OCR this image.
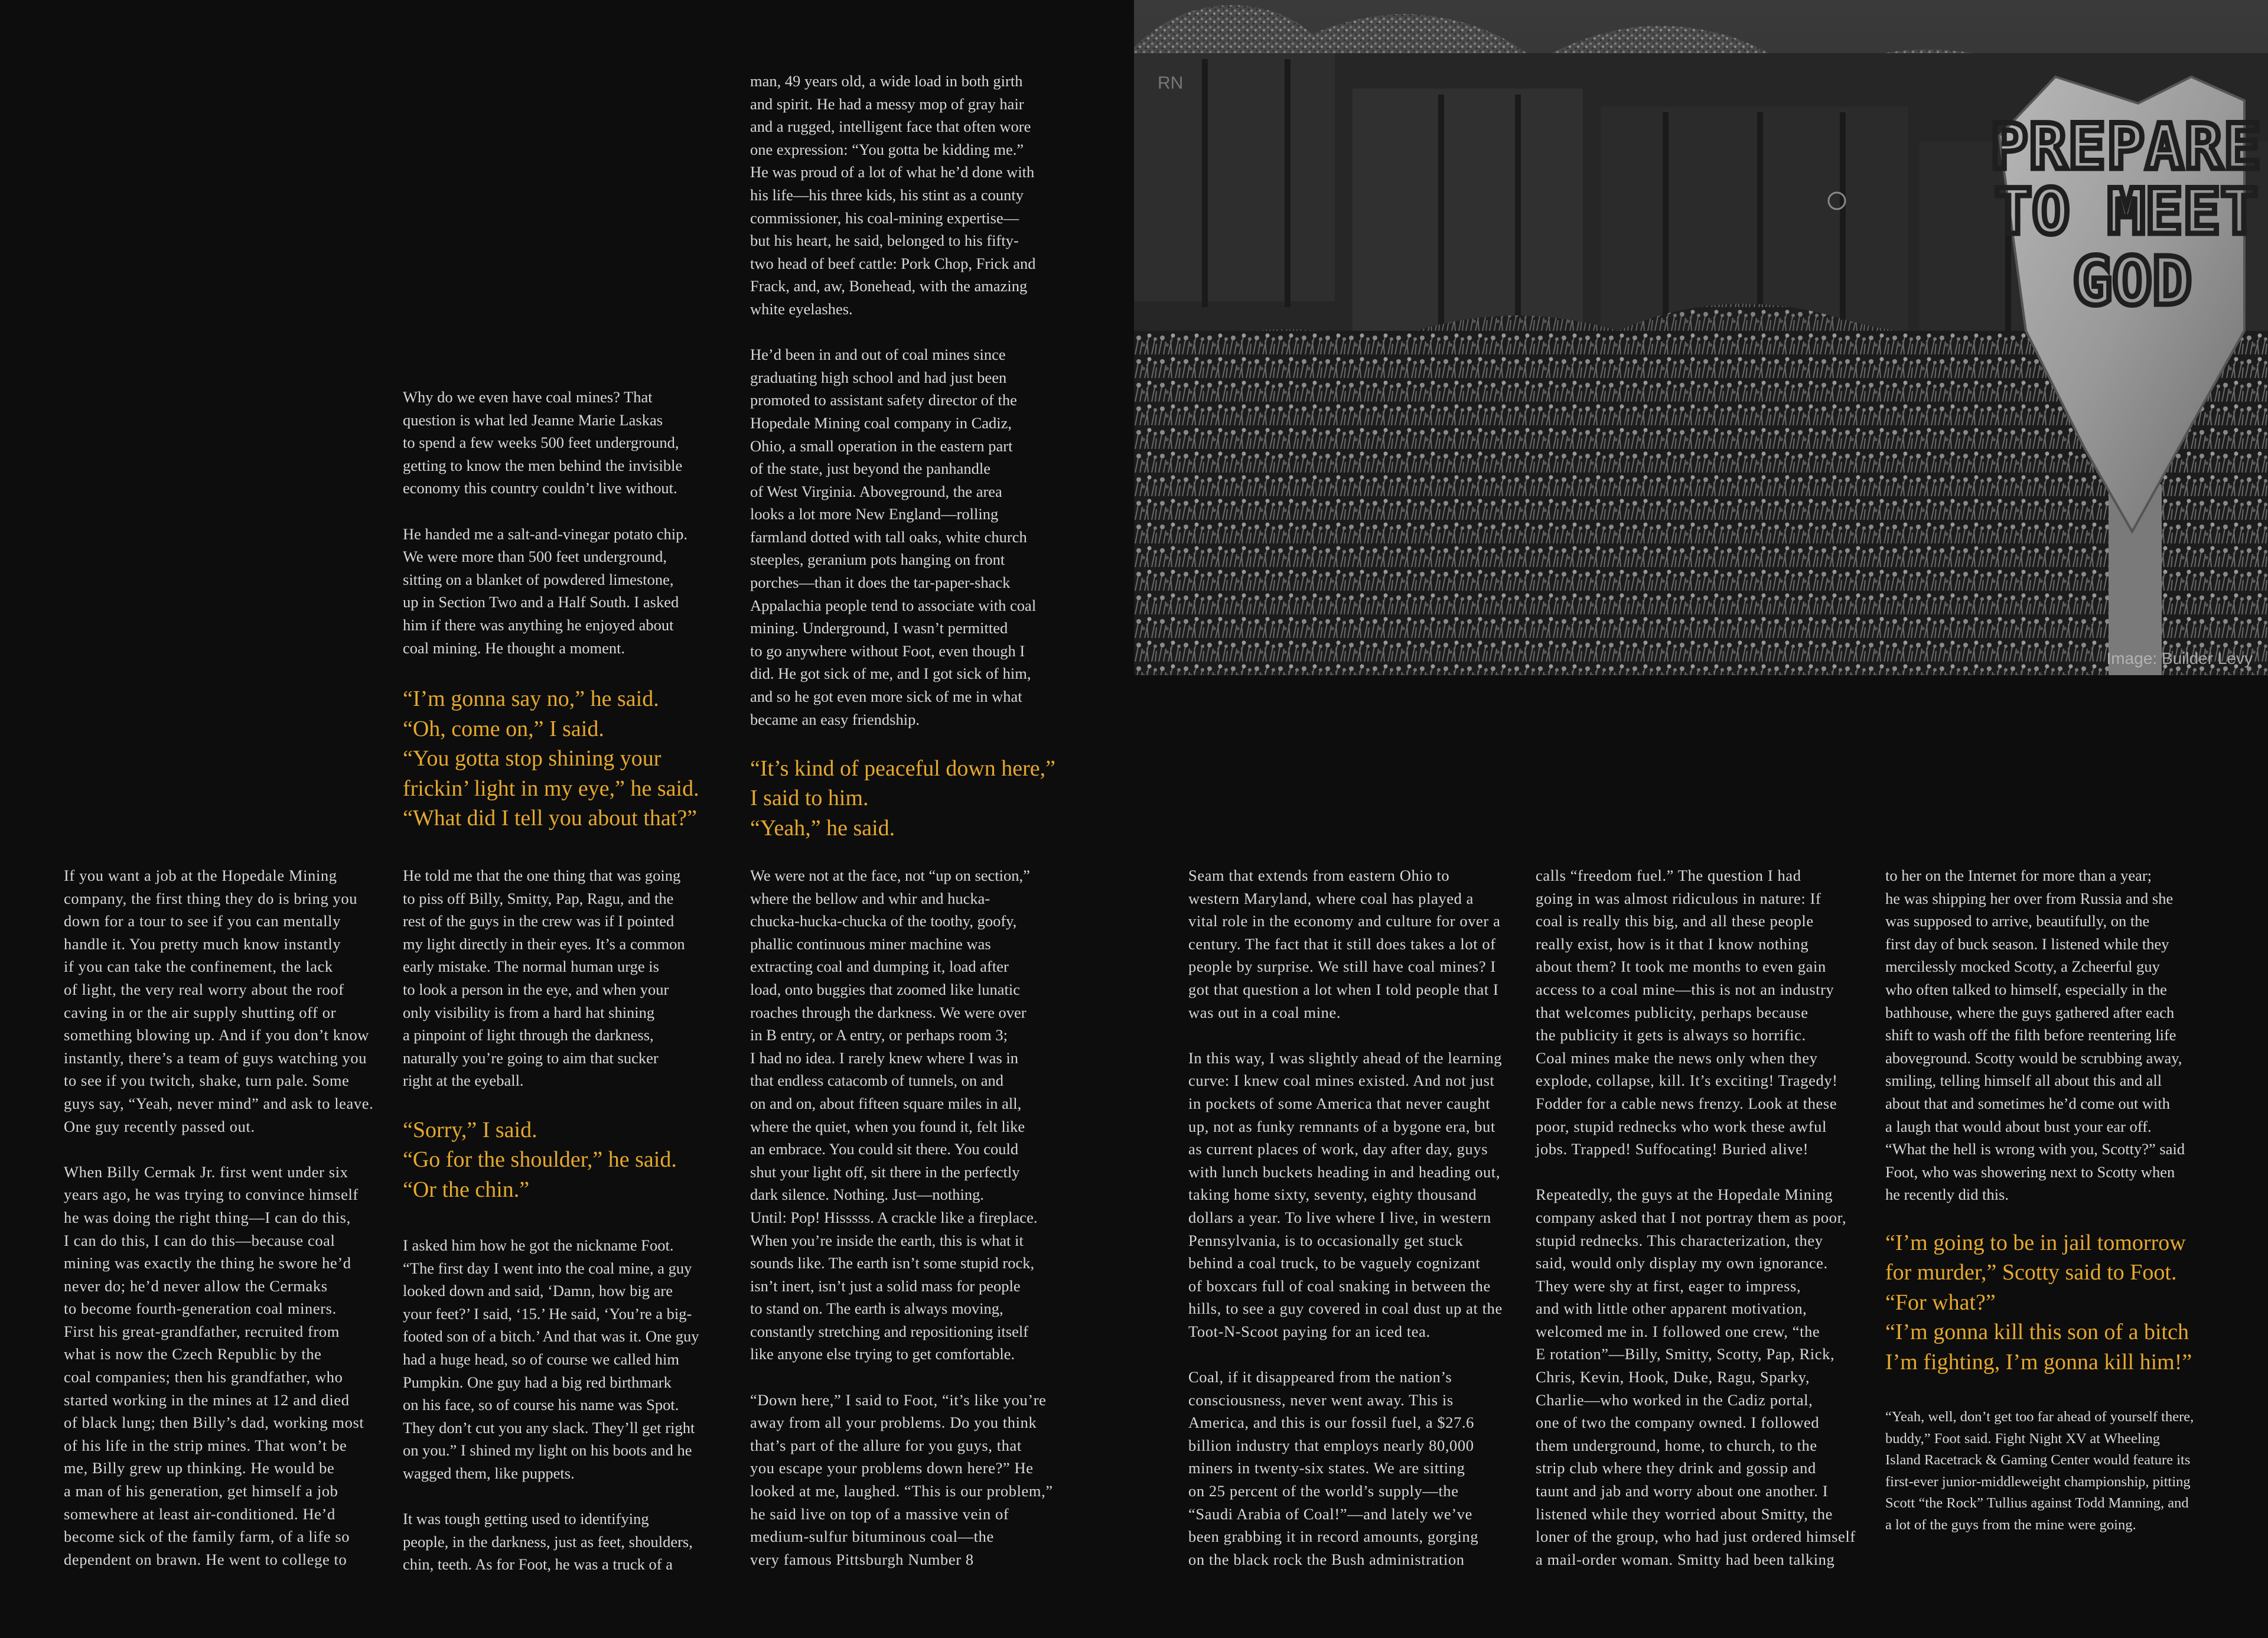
RN
PREPARE
TO MEET
GOD
Image: Builder Levy

Why do we even have coal mines? That
question is what led Jeanne Marie Laskas
to spend a few weeks 500 feet underground,
getting to know the men behind the invisible
economy this country couldn’t live without.

He handed me a salt-and-vinegar potato chip.
We were more than 500 feet underground,
sitting on a blanket of powdered limestone,
up in Section Two and a Half South. I asked
him if there was anything he enjoyed about
coal mining. He thought a moment.

“I’m gonna say no,” he said.
“Oh, come on,” I said.
“You gotta stop shining your
frickin’ light in my eye,” he said.
“What did I tell you about that?”

man, 49 years old, a wide load in both girth
and spirit. He had a messy mop of gray hair
and a rugged, intelligent face that often wore
one expression: “You gotta be kidding me.”
He was proud of a lot of what he’d done with
his life—his three kids, his stint as a county
commissioner, his coal-mining expertise—
but his heart, he said, belonged to his fifty-
two head of beef cattle: Pork Chop, Frick and
Frack, and, aw, Bonehead, with the amazing
white eyelashes.

He’d been in and out of coal mines since
graduating high school and had just been
promoted to assistant safety director of the
Hopedale Mining coal company in Cadiz,
Ohio, a small operation in the eastern part
of the state, just beyond the panhandle
of West Virginia. Aboveground, the area
looks a lot more New England—rolling
farmland dotted with tall oaks, white church
steeples, geranium pots hanging on front
porches—than it does the tar-paper-shack
Appalachia people tend to associate with coal
mining. Underground, I wasn’t permitted
to go anywhere without Foot, even though I
did. He got sick of me, and I got sick of him,
and so he got even more sick of me in what
became an easy friendship.

“It’s kind of peaceful down here,”
I said to him.
“Yeah,” he said.

If you want a job at the Hopedale Mining
company, the first thing they do is bring you
down for a tour to see if you can mentally
handle it. You pretty much know instantly
if you can take the confinement, the lack
of light, the very real worry about the roof
caving in or the air supply shutting off or
something blowing up. And if you don’t know
instantly, there’s a team of guys watching you
to see if you twitch, shake, turn pale. Some
guys say, “Yeah, never mind” and ask to leave.
One guy recently passed out.

When Billy Cermak Jr. first went under six
years ago, he was trying to convince himself
he was doing the right thing—I can do this,
I can do this, I can do this—because coal
mining was exactly the thing he swore he’d
never do; he’d never allow the Cermaks
to become fourth-generation coal miners.
First his great-grandfather, recruited from
what is now the Czech Republic by the
coal companies; then his grandfather, who
started working in the mines at 12 and died
of black lung; then Billy’s dad, working most
of his life in the strip mines. That won’t be
me, Billy grew up thinking. He would be
a man of his generation, get himself a job
somewhere at least air-conditioned. He’d
become sick of the family farm, of a life so
dependent on brawn. He went to college to

He told me that the one thing that was going
to piss off Billy, Smitty, Pap, Ragu, and the
rest of the guys in the crew was if I pointed
my light directly in their eyes. It’s a common
early mistake. The normal human urge is
to look a person in the eye, and when your
only visibility is from a hard hat shining
a pinpoint of light through the darkness,
naturally you’re going to aim that sucker
right at the eyeball.

“Sorry,” I said.
“Go for the shoulder,” he said.
“Or the chin.”

I asked him how he got the nickname Foot.
“The first day I went into the coal mine, a guy
looked down and said, ‘Damn, how big are
your feet?’ I said, ‘15.’ He said, ‘You’re a big-
footed son of a bitch.’ And that was it. One guy
had a huge head, so of course we called him
Pumpkin. One guy had a big red birthmark
on his face, so of course his name was Spot.
They don’t cut you any slack. They’ll get right
on you.” I shined my light on his boots and he
wagged them, like puppets.

It was tough getting used to identifying
people, in the darkness, just as feet, shoulders,
chin, teeth. As for Foot, he was a truck of a

We were not at the face, not “up on section,”
where the bellow and whir and hucka-
chucka-hucka-chucka of the toothy, goofy,
phallic continuous miner machine was
extracting coal and dumping it, load after
load, onto buggies that zoomed like lunatic
roaches through the darkness. We were over
in B entry, or A entry, or perhaps room 3;
I had no idea. I rarely knew where I was in
that endless catacomb of tunnels, on and
on and on, about fifteen square miles in all,
where the quiet, when you found it, felt like
an embrace. You could sit there. You could
shut your light off, sit there in the perfectly
dark silence. Nothing. Just—nothing.
Until: Pop! Hisssss. A crackle like a fireplace.
When you’re inside the earth, this is what it
sounds like. The earth isn’t some stupid rock,
isn’t inert, isn’t just a solid mass for people
to stand on. The earth is always moving,
constantly stretching and repositioning itself
like anyone else trying to get comfortable.

“Down here,” I said to Foot, “it’s like you’re
away from all your problems. Do you think
that’s part of the allure for you guys, that
you escape your problems down here?” He
looked at me, laughed. “This is our problem,”
he said live on top of a massive vein of
medium-sulfur bituminous coal—the
very famous Pittsburgh Number 8

Seam that extends from eastern Ohio to
western Maryland, where coal has played a
vital role in the economy and culture for over a
century. The fact that it still does takes a lot of
people by surprise. We still have coal mines? I
got that question a lot when I told people that I
was out in a coal mine.

In this way, I was slightly ahead of the learning
curve: I knew coal mines existed. And not just
in pockets of some America that never caught
up, not as funky remnants of a bygone era, but
as current places of work, day after day, guys
with lunch buckets heading in and heading out,
taking home sixty, seventy, eighty thousand
dollars a year. To live where I live, in western
Pennsylvania, is to occasionally get stuck
behind a coal truck, to be vaguely cognizant
of boxcars full of coal snaking in between the
hills, to see a guy covered in coal dust up at the
Toot-N-Scoot paying for an iced tea.

Coal, if it disappeared from the nation’s
consciousness, never went away. This is
America, and this is our fossil fuel, a $27.6
billion industry that employs nearly 80,000
miners in twenty-six states. We are sitting
on 25 percent of the world’s supply—the
“Saudi Arabia of Coal!”—and lately we’ve
been grabbing it in record amounts, gorging
on the black rock the Bush administration

calls “freedom fuel.” The question I had
going in was almost ridiculous in nature: If
coal is really this big, and all these people
really exist, how is it that I know nothing
about them? It took me months to even gain
access to a coal mine—this is not an industry
that welcomes publicity, perhaps because
the publicity it gets is always so horrific.
Coal mines make the news only when they
explode, collapse, kill. It’s exciting! Tragedy!
Fodder for a cable news frenzy. Look at these
poor, stupid rednecks who work these awful
jobs. Trapped! Suffocating! Buried alive!

Repeatedly, the guys at the Hopedale Mining
company asked that I not portray them as poor,
stupid rednecks. This characterization, they
said, would only display my own ignorance.
They were shy at first, eager to impress,
and with little other apparent motivation,
welcomed me in. I followed one crew, “the
E rotation”—Billy, Smitty, Scotty, Pap, Rick,
Chris, Kevin, Hook, Duke, Ragu, Sparky,
Charlie—who worked in the Cadiz portal,
one of two the company owned. I followed
them underground, home, to church, to the
strip club where they drink and gossip and
taunt and jab and worry about one another. I
listened while they worried about Smitty, the
loner of the group, who had just ordered himself
a mail-order woman. Smitty had been talking

to her on the Internet for more than a year;
he was shipping her over from Russia and she
was supposed to arrive, beautifully, on the
first day of buck season. I listened while they
mercilessly mocked Scotty, a Zcheerful guy
who often talked to himself, especially in the
bathhouse, where the guys gathered after each
shift to wash off the filth before reentering life
aboveground. Scotty would be scrubbing away,
smiling, telling himself all about this and all
about that and sometimes he’d come out with
a laugh that would about bust your ear off.
“What the hell is wrong with you, Scotty?” said
Foot, who was showering next to Scotty when
he recently did this.

“I’m going to be in jail tomorrow
for murder,” Scotty said to Foot.
“For what?”
“I’m gonna kill this son of a bitch
I’m fighting, I’m gonna kill him!”

“Yeah, well, don’t get too far ahead of yourself there,
buddy,” Foot said. Fight Night XV at Wheeling
Island Racetrack & Gaming Center would feature its
first-ever junior-middleweight championship, pitting
Scott “the Rock” Tullius against Todd Manning, and
a lot of the guys from the mine were going.
